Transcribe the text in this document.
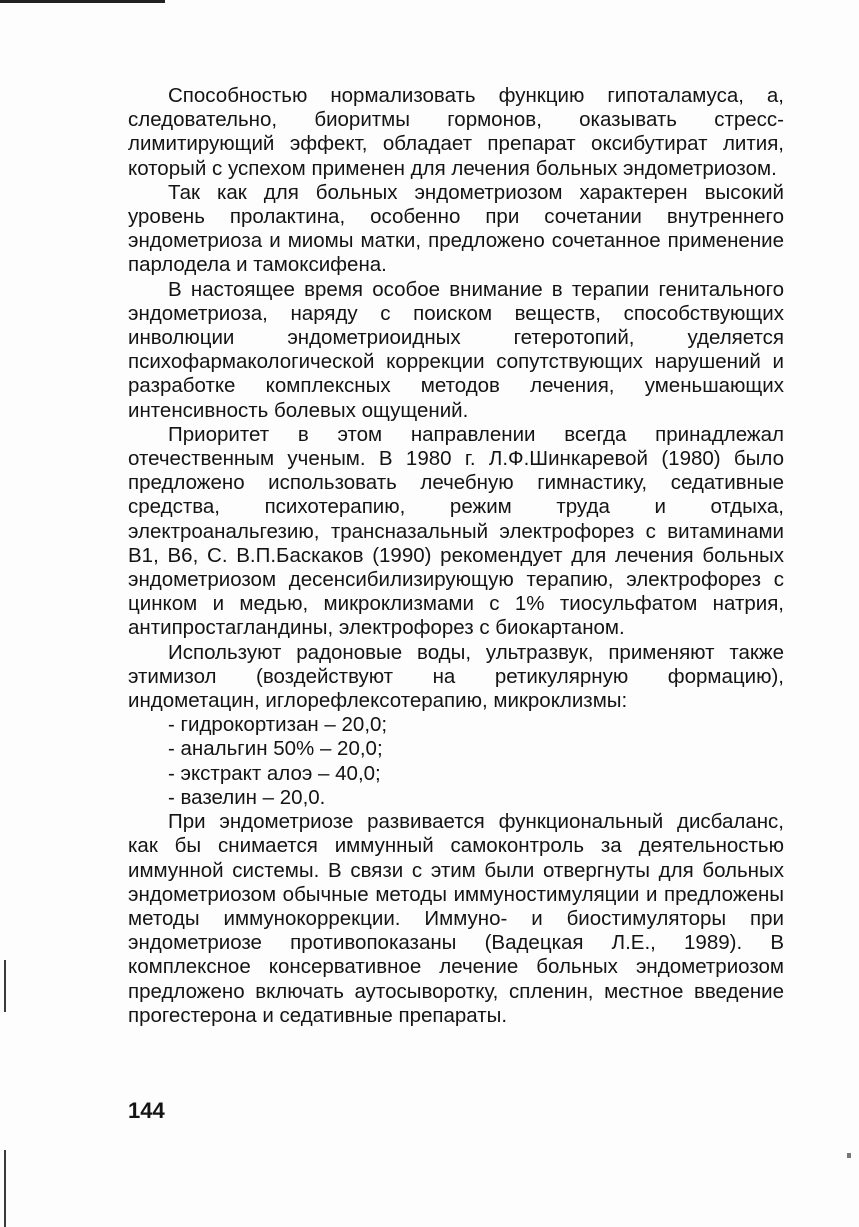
Способностью нормализовать функцию гипоталамуса, а, следовательно, биоритмы гормонов, оказывать стресс-лимитирующий эффект, обладает препарат оксибутират лития, который с успехом применен для лечения больных эндометриозом.

Так как для больных эндометриозом характерен высокий уровень пролактина, особенно при сочетании внутреннего эндометриоза и миомы матки, предложено сочетанное применение парлодела и тамоксифена.

В настоящее время особое внимание в терапии генитального эндометриоза, наряду с поиском веществ, способствующих инволюции эндометриоидных гетеротопий, уделяется психофармакологической коррекции сопутствующих нарушений и разработке комплексных методов лечения, уменьшающих интенсивность болевых ощущений.

Приоритет в этом направлении всегда принадлежал отечественным ученым. В 1980 г. Л.Ф.Шинкаревой (1980) было предложено использовать лечебную гимнастику, седативные средства, психотерапию, режим труда и отдыха, электроанальгезию, трансназальный электрофорез с витаминами В1, В6, С. В.П.Баскаков (1990) рекомендует для лечения больных эндометриозом десенсибилизирующую терапию, электрофорез с цинком и медью, микроклизмами с 1% тиосульфатом натрия, антипростагландины, электрофорез с биокартаном.

Используют радоновые воды, ультразвук, применяют также этимизол (воздействуют на ретикулярную формацию), индометацин, иглорефлексотерапию, микроклизмы:

- гидрокортизан – 20,0;
- анальгин 50% – 20,0;
- экстракт алоэ – 40,0;
- вазелин – 20,0.

При эндометриозе развивается функциональный дисбаланс, как бы снимается иммунный самоконтроль за деятельностью иммунной системы. В связи с этим были отвергнуты для больных эндометриозом обычные методы иммуностимуляции и предложены методы иммунокоррекции. Иммуно- и биостимуляторы при эндометриозе противопоказаны (Вадецкая Л.Е., 1989). В комплексное консервативное лечение больных эндометриозом предложено включать аутосыворотку, спленин, местное введение прогестерона и седативные препараты.

144
